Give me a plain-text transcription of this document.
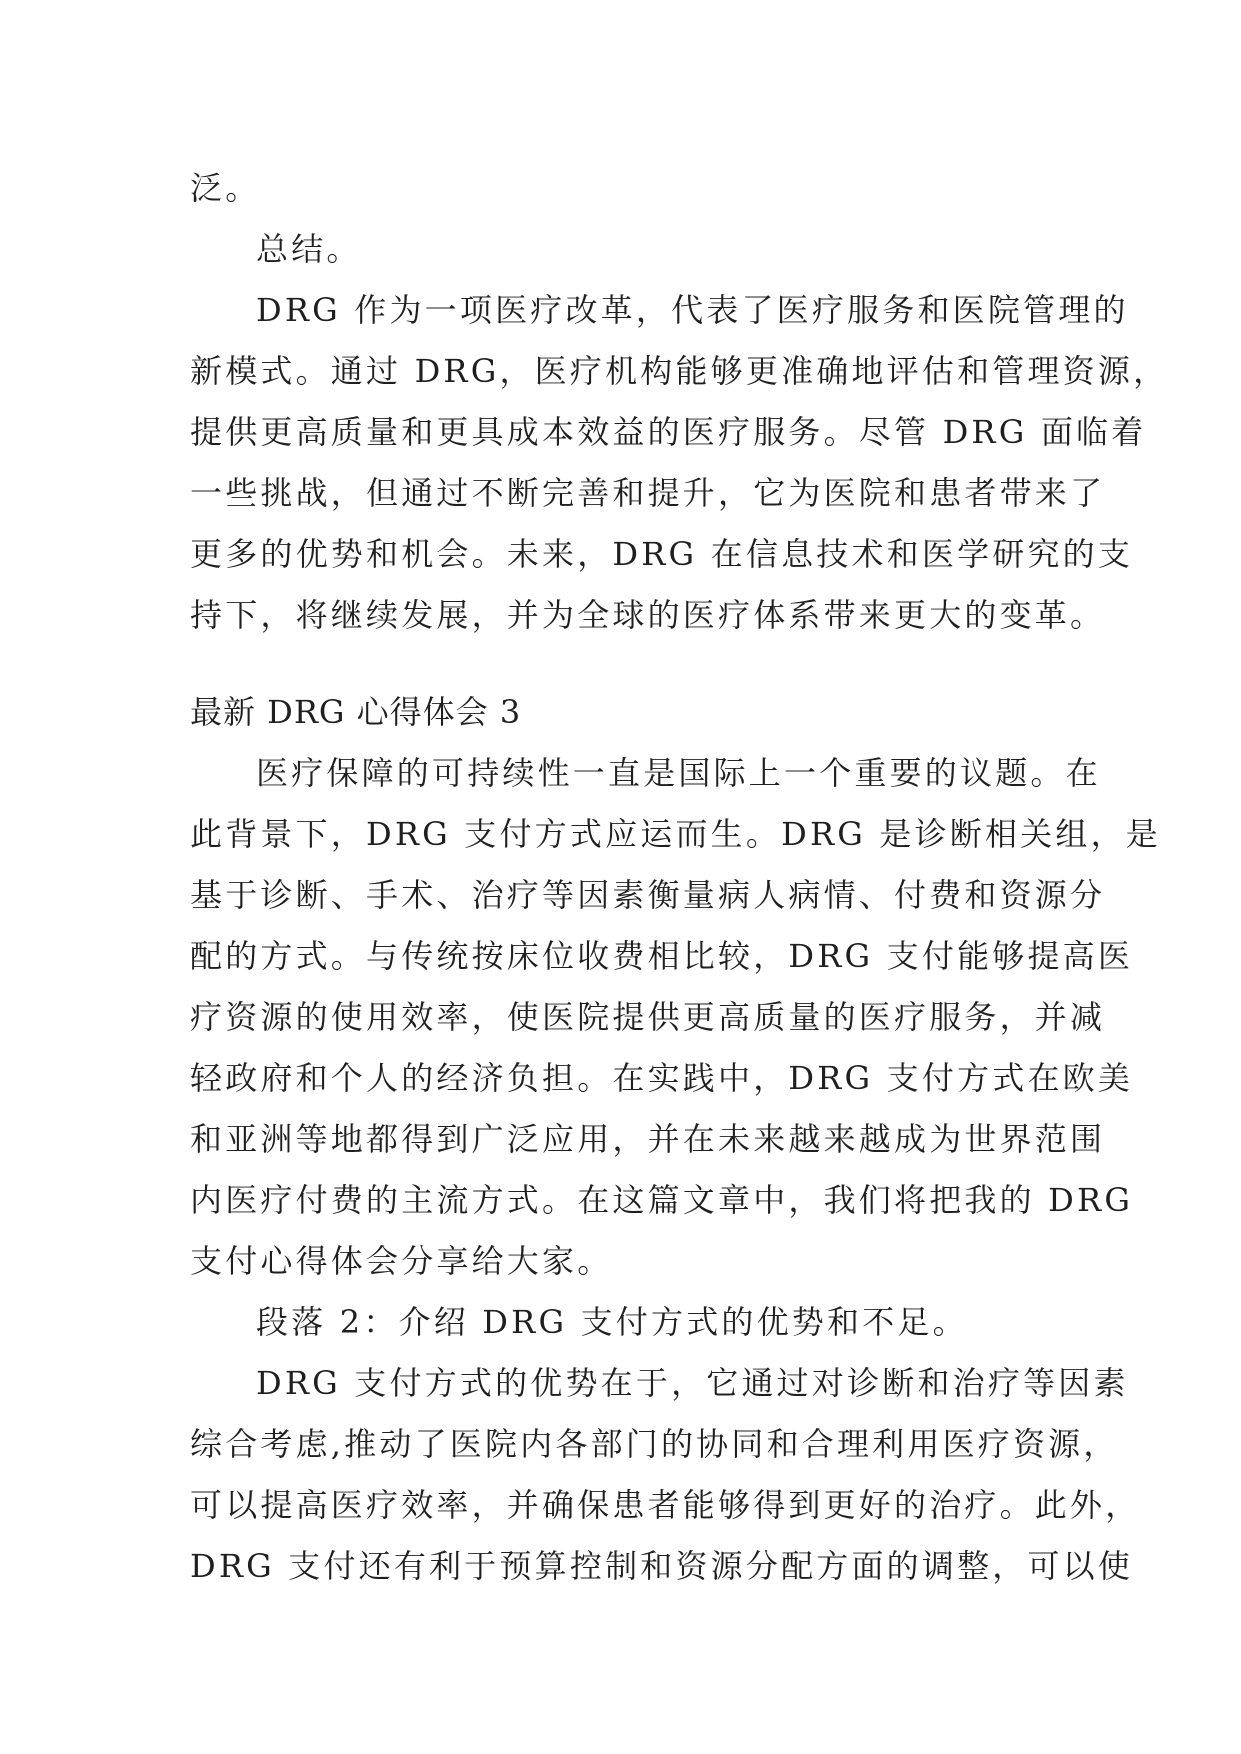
泛。
总结。
DRG 作为一项医疗改革，代表了医疗服务和医院管理的
新模式。通过 DRG，医疗机构能够更准确地评估和管理资源，
提供更高质量和更具成本效益的医疗服务。尽管 DRG 面临着
一些挑战，但通过不断完善和提升，它为医院和患者带来了
更多的优势和机会。未来，DRG 在信息技术和医学研究的支
持下，将继续发展，并为全球的医疗体系带来更大的变革。
最新 DRG 心得体会 3
医疗保障的可持续性一直是国际上一个重要的议题。在
此背景下，DRG 支付方式应运而生。DRG 是诊断相关组，是
基于诊断、手术、治疗等因素衡量病人病情、付费和资源分
配的方式。与传统按床位收费相比较，DRG 支付能够提高医
疗资源的使用效率，使医院提供更高质量的医疗服务，并减
轻政府和个人的经济负担。在实践中，DRG 支付方式在欧美
和亚洲等地都得到广泛应用，并在未来越来越成为世界范围
内医疗付费的主流方式。在这篇文章中，我们将把我的 DRG
支付心得体会分享给大家。
段落 2：介绍 DRG 支付方式的优势和不足。
DRG 支付方式的优势在于，它通过对诊断和治疗等因素
综合考虑,推动了医院内各部门的协同和合理利用医疗资源，
可以提高医疗效率，并确保患者能够得到更好的治疗。此外，
DRG 支付还有利于预算控制和资源分配方面的调整，可以使
